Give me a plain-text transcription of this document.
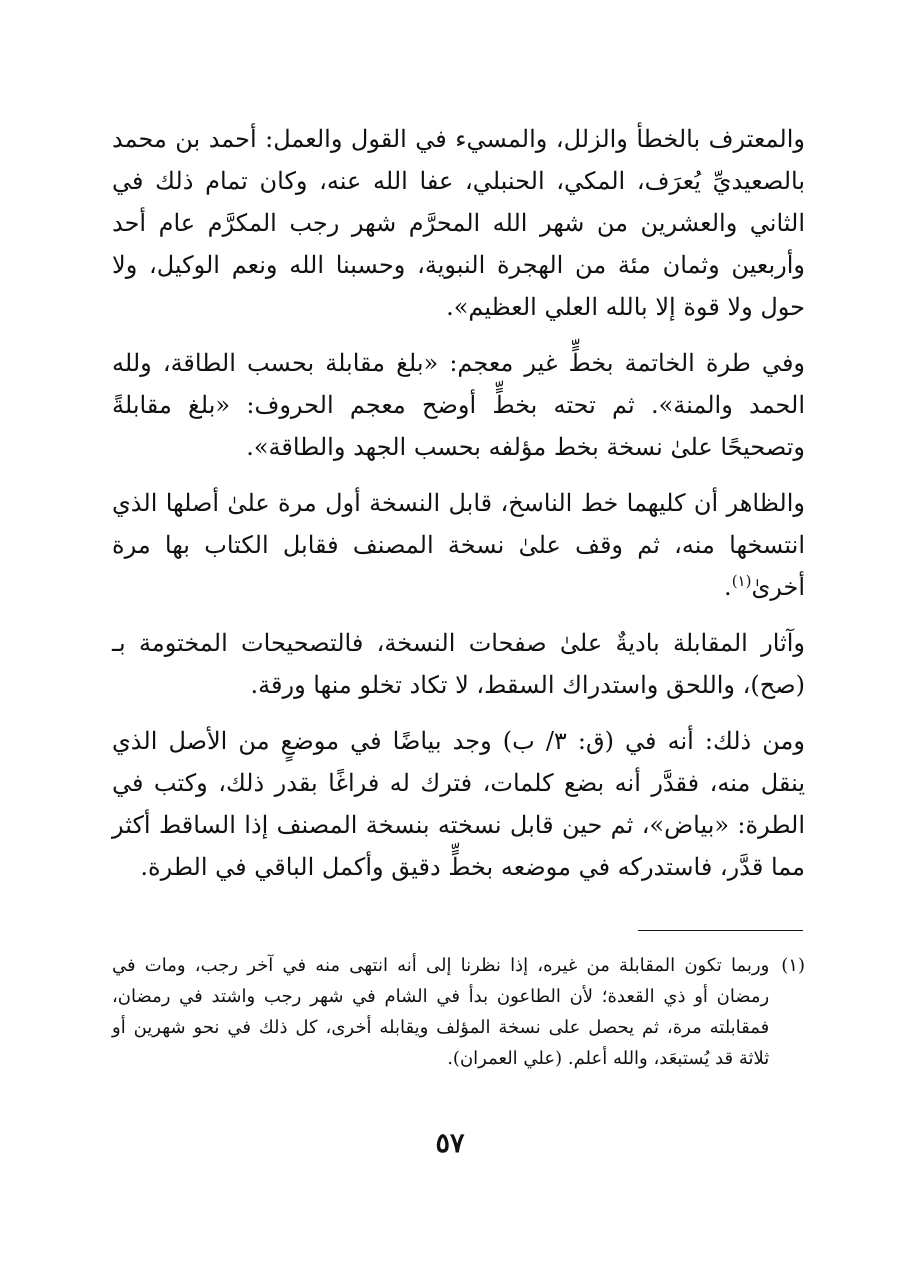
والمعترف بالخطأ والزلل، والمسيء في القول والعمل: أحمد بن محمد بالصعيديِّ يُعرَف، المكي، الحنبلي، عفا الله عنه، وكان تمام ذلك في الثاني والعشرين من شهر الله المحرَّم شهر رجب المكرَّم عام أحد وأربعين وثمان مئة من الهجرة النبوية، وحسبنا الله ونعم الوكيل، ولا حول ولا قوة إلا بالله العلي العظيم».

وفي طرة الخاتمة بخطٍّ غير معجم: «بلغ مقابلة بحسب الطاقة، ولله الحمد والمنة». ثم تحته بخطٍّ أوضح معجم الحروف: «بلغ مقابلةً وتصحيحًا علىٰ نسخة بخط مؤلفه بحسب الجهد والطاقة».

والظاهر أن كليهما خط الناسخ، قابل النسخة أول مرة علىٰ أصلها الذي انتسخها منه، ثم وقف علىٰ نسخة المصنف فقابل الكتاب بها مرة أخرىٰ$^{(١)}$.

وآثار المقابلة باديةٌ علىٰ صفحات النسخة، فالتصحيحات المختومة بـ (صح)، واللحق واستدراك السقط، لا تكاد تخلو منها ورقة.

ومن ذلك: أنه في (ق: ٣/ ب) وجد بياضًا في موضعٍ من الأصل الذي ينقل منه، فقدَّر أنه بضع كلمات، فترك له فراغًا بقدر ذلك، وكتب في الطرة: «بياض»، ثم حين قابل نسخته بنسخة المصنف إذا الساقط أكثر مما قدَّر، فاستدركه في موضعه بخطٍّ دقيق وأكمل الباقي في الطرة.

(١)
وربما تكون المقابلة من غيره، إذا نظرنا إلى أنه انتهى منه في آخر رجب، ومات في رمضان أو ذي القعدة؛ لأن الطاعون بدأ في الشام في شهر رجب واشتد في رمضان، فمقابلته مرة، ثم يحصل على نسخة المؤلف ويقابله أخرى، كل ذلك في نحو شهرين أو ثلاثة قد يُستبعَد، والله أعلم. (علي العمران).
٥٧
